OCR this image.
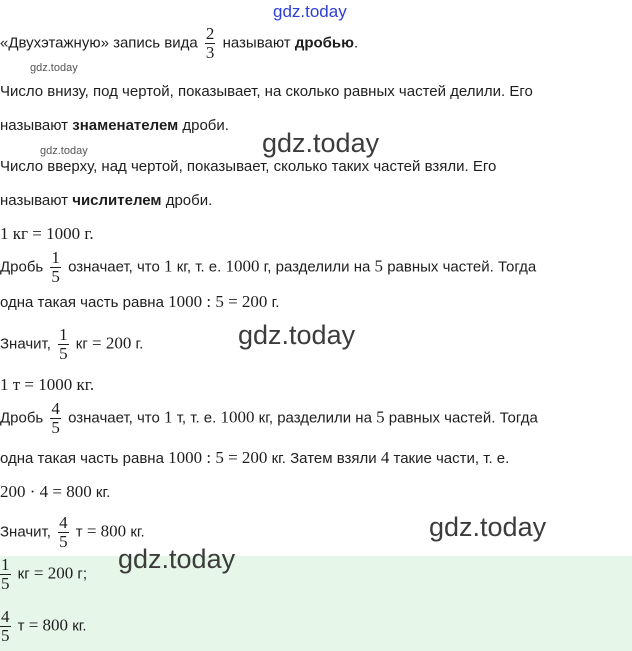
gdz.today
«Двухэтажную» запись вида $\frac{2}{3}$ называют дробью.
gdz.today
Число внизу, под чертой, показывает, на сколько равных частей делили. Его
называют знаменателем дроби.
gdz.today	gdz.today
Число вверху, над чертой, показывает, сколько таких частей взяли. Его
называют числителем дроби.
1 кг = 1000 г.
Дробь $\frac{1}{5}$ означает, что 1 кг, т. е. 1000 г, разделили на 5 равных частей. Тогда
одна такая часть равна 1000 : 5 = 200 г.
gdz.today
Значит, $\frac{1}{5}$ кг = 200 г.
1 т = 1000 кг.
Дробь $\frac{4}{5}$ означает, что 1 т, т. е. 1000 кг, разделили на 5 равных частей. Тогда
одна такая часть равна 1000 : 5 = 200 кг. Затем взяли 4 такие части, т. е.
200 · 4 = 800 кг.
gdz.today
Значит, $\frac{4}{5}$ т = 800 кг.
$\frac{1}{5}$ кг = 200 г;
$\frac{4}{5}$ т = 800 кг.
gdz.today
